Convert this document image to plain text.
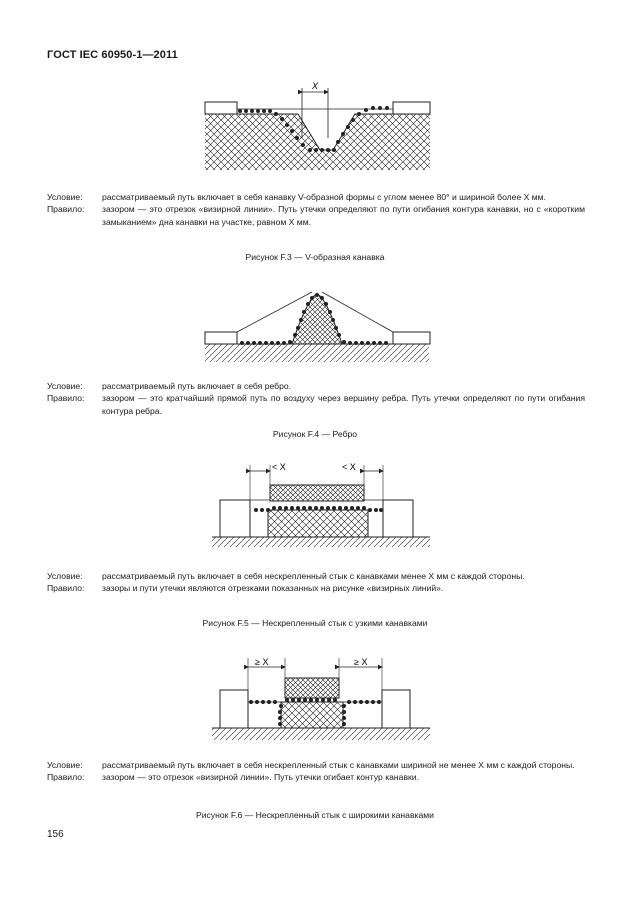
ГОСТ IEC 60950-1—2011
X
Условие:	рассматриваемый путь включает в себя канавку V-образной формы с углом менее 80° и шириной более X мм.
Правило:	зазором — это отрезок «визирной линии». Путь утечки определяют по пути огибания контура канавки, но с «коротким замыканием» дна канавки на участке, равном X мм.
Рисунок F.3 — V-образная канавка
Условие:	рассматриваемый путь включает в себя ребро.
Правило:	зазором — это кратчайший прямой путь по воздуху через вершину ребра. Путь утечки определяют по пути огибания контура ребра.
Рисунок F.4 — Ребро
< X	< X
Условие:	рассматриваемый путь включает в себя нескрепленный стык с канавками менее X мм с каждой стороны.
Правило:	зазоры и пути утечки являются отрезками показанных на рисунке «визирных линий».
Рисунок F.5 — Нескрепленный стык с узкими канавками
≥ X	≥ X
Условие:	рассматриваемый путь включает в себя нескрепленный стык с канавками шириной не менее X мм с каждой стороны.
Правило:	зазором — это отрезок «визирной линии». Путь утечки огибает контур канавки.
Рисунок F.6 — Нескрепленный стык с широкими канавками
156
